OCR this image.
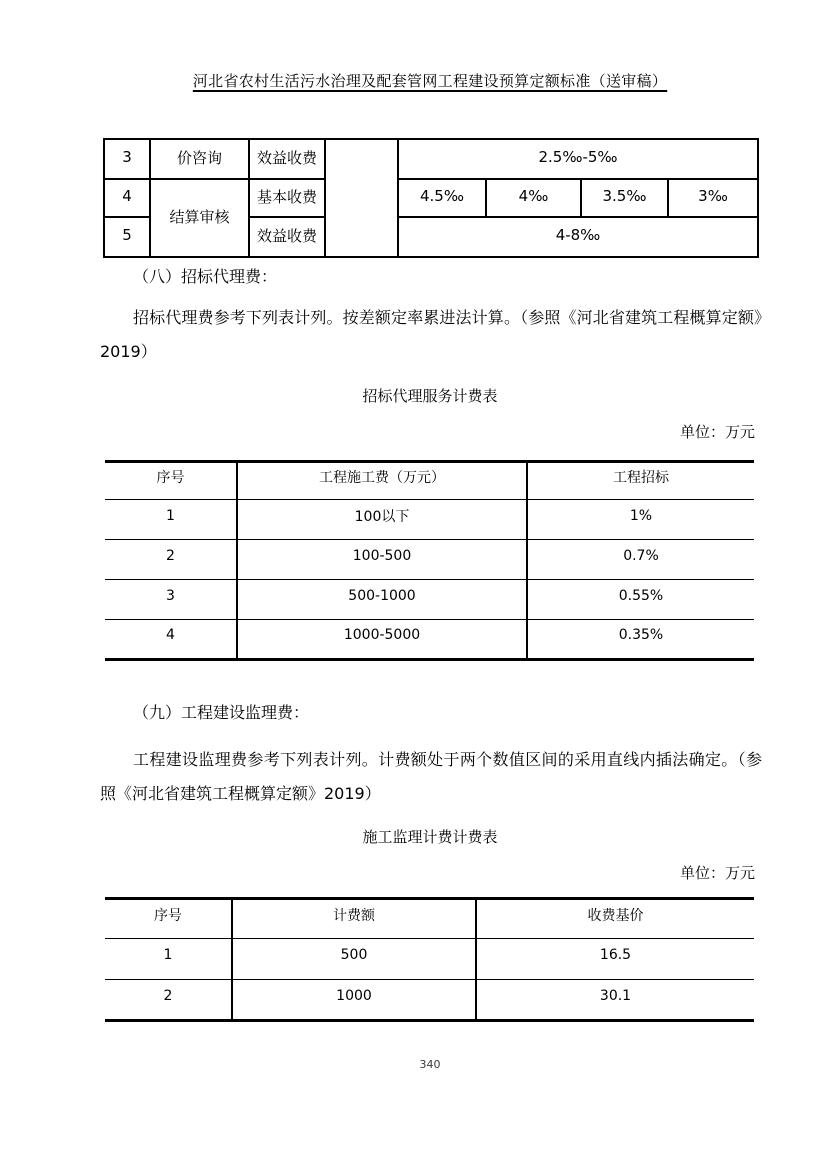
河北省农村生活污水治理及配套管网工程建设预算定额标准（送审稿）
3	价咨询	效益收费		2.5‰-5‰			
4	结算审核	基本收费		4.5‰	4‰	3.5‰	3‰
5		效益收费		4-8‰			
（八）招标代理费：
招标代理费参考下列表计列。按差额定率累进法计算。（参照《河北省建筑工程概算定额》2019）
招标代理服务计费表
单位：万元
序号	工程施工费（万元）	工程招标
1	100以下	1%
2	100-500	0.7%
3	500-1000	0.55%
4	1000-5000	0.35%
（九）工程建设监理费：
工程建设监理费参考下列表计列。计费额处于两个数值区间的采用直线内插法确定。（参照《河北省建筑工程概算定额》2019）
施工监理计费计费表
单位：万元
序号	计费额	收费基价
1	500	16.5
2	1000	30.1
340
